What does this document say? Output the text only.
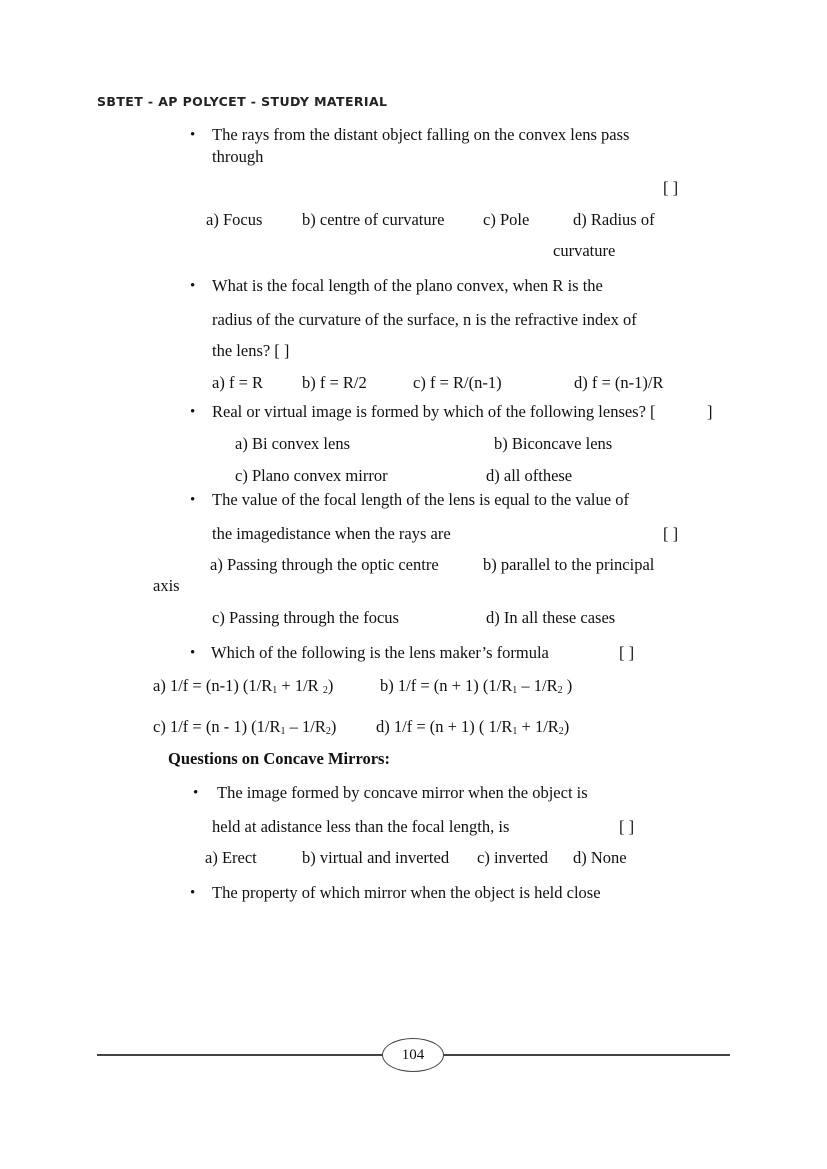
SBTET - AP POLYCET - STUDY MATERIAL
• The rays from the distant object falling on the convex lens pass
through
[ ]
a) Focus b) centre of curvature c) Pole	d) Radius of
curvature
• What is the focal length of the plano convex, when R is the
radius of the curvature of the surface, n is the refractive index of
the lens? [ ]
a) f = R b) f = R/2	c) f = R/(n-1)	d) f = (n-1)/R
• Real or virtual image is formed by which of the following lenses? [	]
a) Bi convex lens	b) Biconcave lens
c) Plano convex mirror	d) all ofthese
• The value of the focal length of the lens is equal to the value of
the imagedistance when the rays are	[ ]
a) Passing through the optic centre	b) parallel to the principal
axis
c) Passing through the focus	d) In all these cases
• Which of the following is the lens maker’s formula	[ ]
a) 1/f = (n-1) ($1/R_1 + 1/R$ $_2$)	b) 1/f = (n + 1) ($1/R_1 - 1/R_2$ )
c) 1/f = (n - 1) $(1/R_1 - 1/R_2)$ d) 1/f = (n + 1) ( $1/R_1 + 1/R_2$)
Questions on Concave Mirrors:
• The image formed by concave mirror when the object is
held at adistance less than the focal length, is	[ ]
a) Erect	b) virtual and inverted c) inverted d) None
• The property of which mirror when the object is held close
104
